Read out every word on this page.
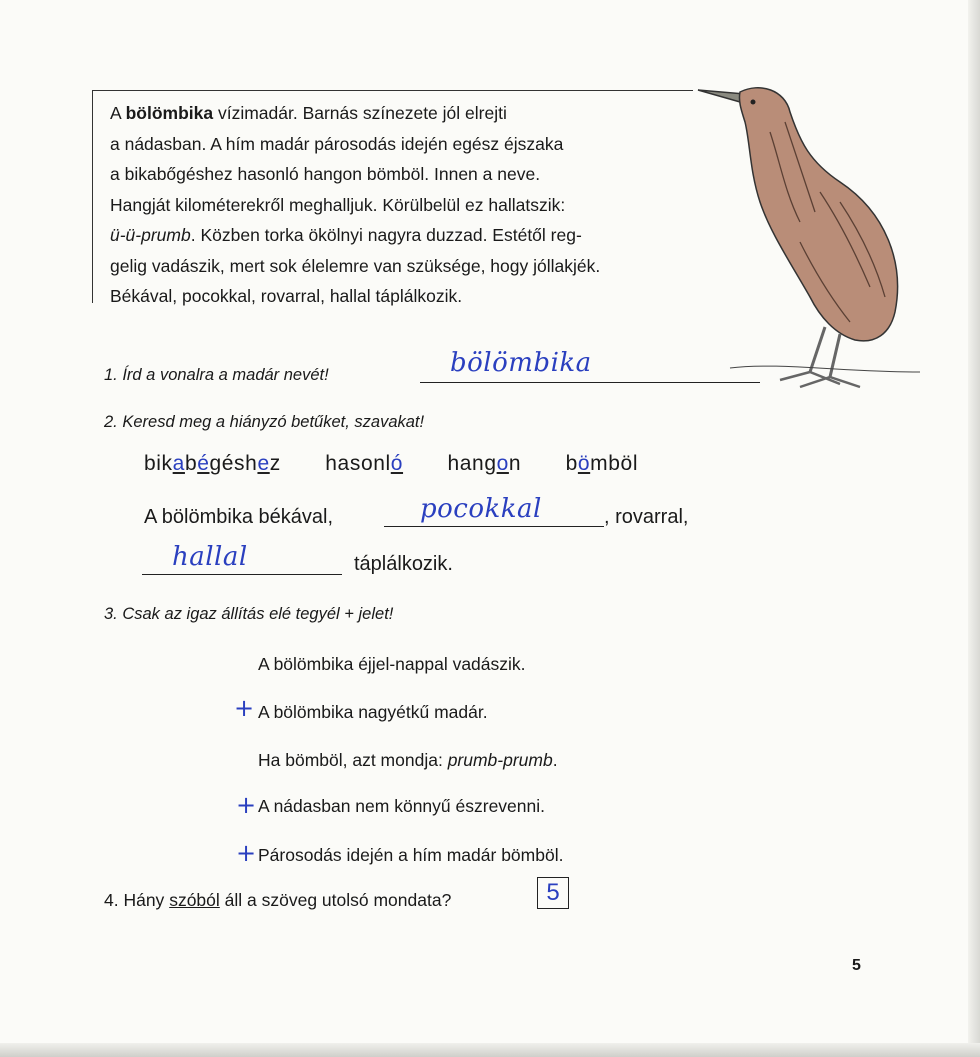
A bölömbika vízimadár. Barnás színezete jól elrejti
a nádasban. A hím madár párosodás idején egész éjszaka
a bikabőgéshez hasonló hangon bömböl. Innen a neve.
Hangját kilométerekről meghalljuk. Körülbelül ez hallatszik:
ü-ü-prumb. Közben torka ökölnyi nagyra duzzad. Estétől reg-
gelig vadászik, mert sok élelemre van szüksége, hogy jóllakjék.
Békával, pocokkal, rovarral, hallal táplálkozik.
1. Írd a vonalra a madár nevét!	bölömbika
2. Keresd meg a hiányzó betűket, szavakat!
bikabégéshez hasonló hangon bömböl
A bölömbika békával,	pocokkal	, rovarral,
hallal	táplálkozik.
3. Csak az igaz állítás elé tegyél + jelet!
A bölömbika éjjel-nappal vadászik.
+ A bölömbika nagyétkű madár.
Ha bömböl, azt mondja: prumb-prumb.
+ A nádasban nem könnyű észrevenni.
+ Párosodás idején a hím madár bömböl.
4. Hány szóból áll a szöveg utolsó mondata?	5
5
